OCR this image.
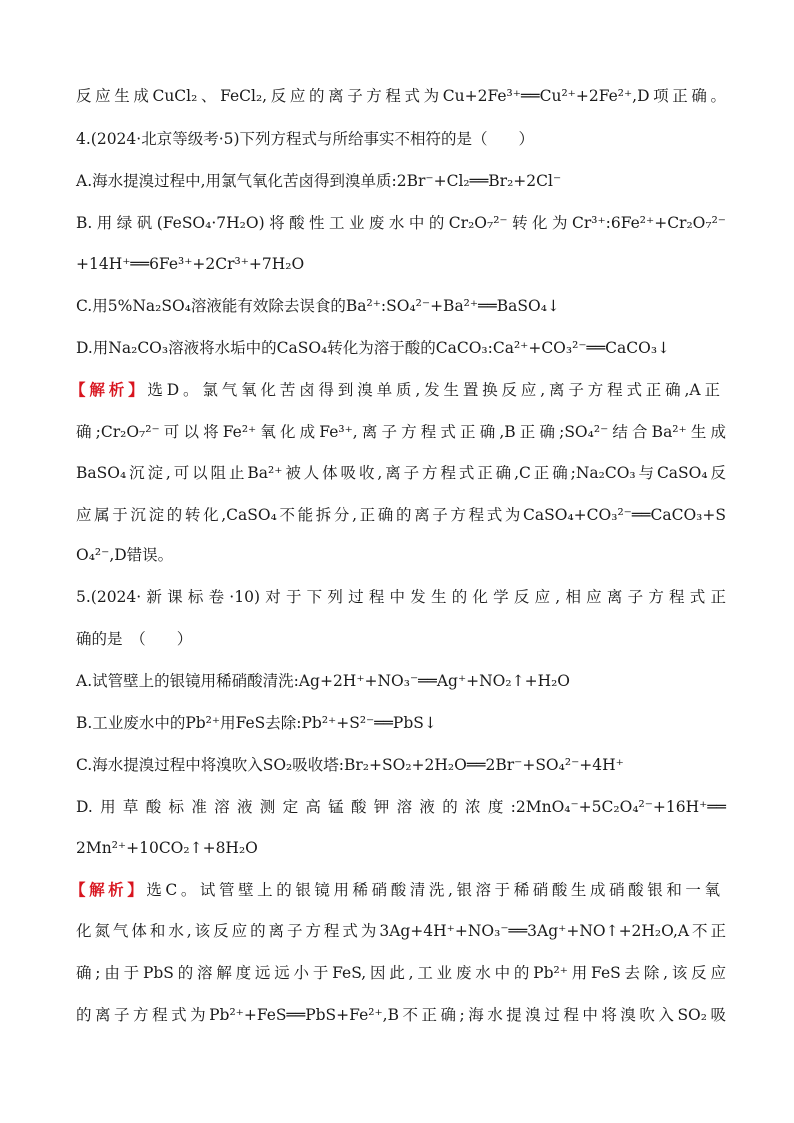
反应生成CuCl₂、FeCl₂,反应的离子方程式为Cu+2Fe³⁺══Cu²⁺+2Fe²⁺,D项正确。
4.(2024·北京等级考·5)下列方程式与所给事实不相符的是（　　）
A.海水提溴过程中,用氯气氧化苦卤得到溴单质:2Br⁻+Cl₂══Br₂+2Cl⁻
B.用绿矾(FeSO₄·7H₂O)将酸性工业废水中的Cr₂O₇²⁻转化为Cr³⁺:6Fe²⁺+Cr₂O₇²⁻
+14H⁺══6Fe³⁺+2Cr³⁺+7H₂O
C.用5%Na₂SO₄溶液能有效除去误食的Ba²⁺:SO₄²⁻+Ba²⁺══BaSO₄↓
D.用Na₂CO₃溶液将水垢中的CaSO₄转化为溶于酸的CaCO₃:Ca²⁺+CO₃²⁻══CaCO₃↓
【解析】选D。氯气氧化苦卤得到溴单质,发生置换反应,离子方程式正确,A正
确;Cr₂O₇²⁻可以将Fe²⁺氧化成Fe³⁺,离子方程式正确,B正确;SO₄²⁻结合Ba²⁺生成
BaSO₄沉淀,可以阻止Ba²⁺被人体吸收,离子方程式正确,C正确;Na₂CO₃与CaSO₄反
应属于沉淀的转化,CaSO₄不能拆分,正确的离子方程式为CaSO₄+CO₃²⁻══CaCO₃+S
O₄²⁻,D错误。
5.(2024·新课标卷·10)对于下列过程中发生的化学反应,相应离子方程式正
确的是　（　　）
A.试管壁上的银镜用稀硝酸清洗:Ag+2H⁺+NO₃⁻══Ag⁺+NO₂↑+H₂O
B.工业废水中的Pb²⁺用FeS去除:Pb²⁺+S²⁻══PbS↓
C.海水提溴过程中将溴吹入SO₂吸收塔:Br₂+SO₂+2H₂O══2Br⁻+SO₄²⁻+4H⁺
D.用草酸标准溶液测定高锰酸钾溶液的浓度:2MnO₄⁻+5C₂O₄²⁻+16H⁺══
2Mn²⁺+10CO₂↑+8H₂O
【解析】选C。试管壁上的银镜用稀硝酸清洗,银溶于稀硝酸生成硝酸银和一氧
化氮气体和水,该反应的离子方程式为3Ag+4H⁺+NO₃⁻══3Ag⁺+NO↑+2H₂O,A不正
确;由于PbS的溶解度远远小于FeS,因此,工业废水中的Pb²⁺用FeS去除,该反应
的离子方程式为Pb²⁺+FeS══PbS+Fe²⁺,B不正确;海水提溴过程中将溴吹入SO₂吸
